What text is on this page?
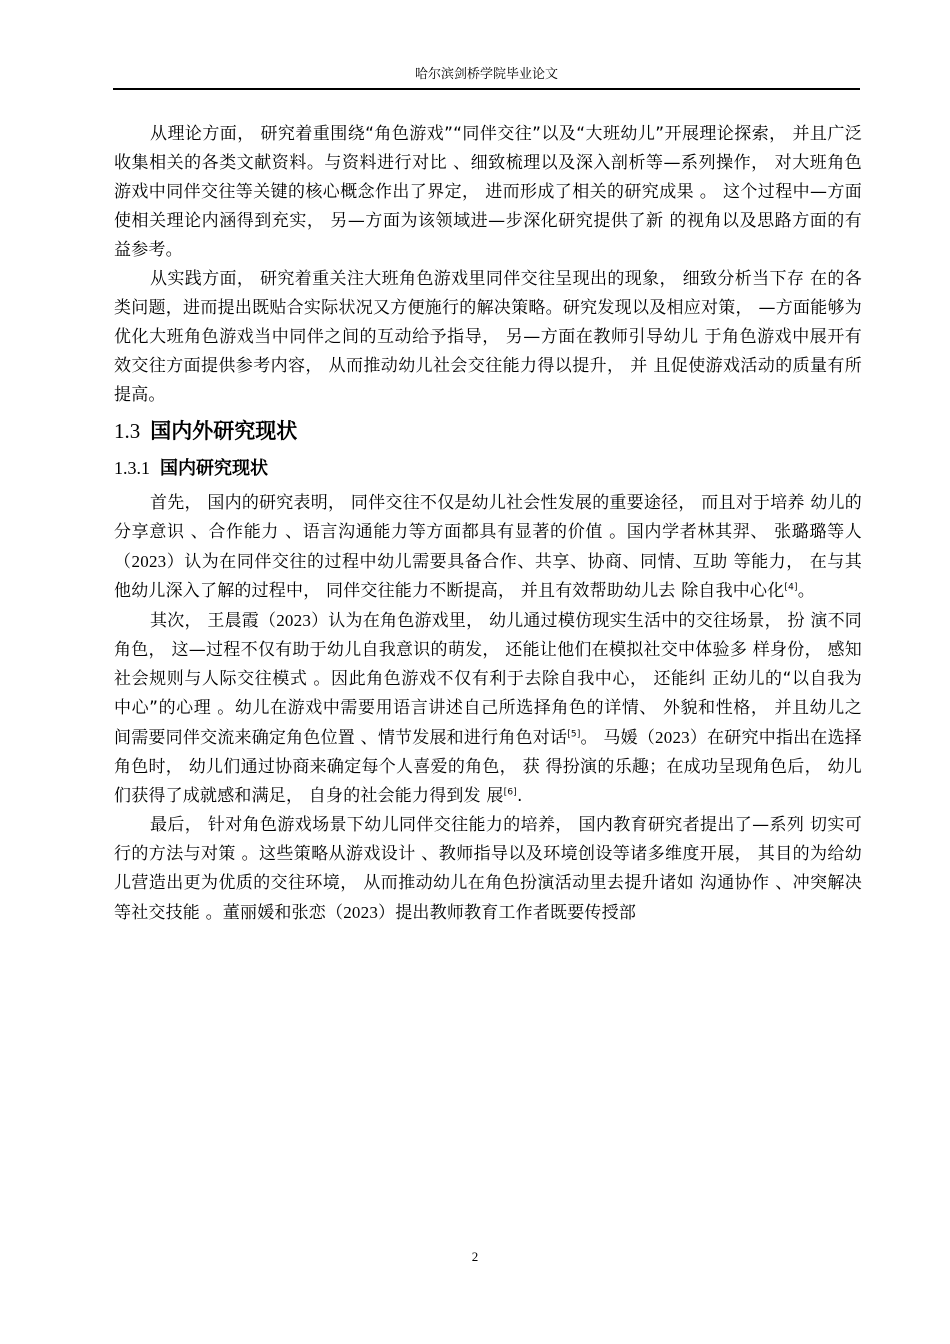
哈尔滨剑桥学院毕业论文

从理论方面， 研究着重围绕“角色游戏”“同伴交往”以及“大班幼儿”开展理论探索， 并且广泛收集相关的各类文献资料。与资料进行对比 、细致梳理以及深入剖析等—系列操作， 对大班角色游戏中同伴交往等关键的核心概念作出了界定， 进而形成了相关的研究成果 。 这个过程中—方面使相关理论内涵得到充实， 另—方面为该领域进—步深化研究提供了新 的视角以及思路方面的有益参考。

从实践方面， 研究着重关注大班角色游戏里同伴交往呈现出的现象， 细致分析当下存 在的各类问题，进而提出既贴合实际状况又方便施行的解决策略。研究发现以及相应对策， —方面能够为优化大班角色游戏当中同伴之间的互动给予指导， 另—方面在教师引导幼儿 于角色游戏中展开有效交往方面提供参考内容， 从而推动幼儿社会交往能力得以提升， 并 且促使游戏活动的质量有所提高。

1.3 国内外研究现状
1.3.1 国内研究现状

首先， 国内的研究表明， 同伴交往不仅是幼儿社会性发展的重要途径， 而且对于培养 幼儿的分享意识 、合作能力 、语言沟通能力等方面都具有显著的价值 。国内学者林其羿、 张璐璐等人（2023）认为在同伴交往的过程中幼儿需要具备合作、共享、协商、同情、互助 等能力， 在与其他幼儿深入了解的过程中， 同伴交往能力不断提高， 并且有效帮助幼儿去 除自我中心化[4]。

其次， 王晨霞（2023）认为在角色游戏里， 幼儿通过模仿现实生活中的交往场景， 扮 演不同角色， 这—过程不仅有助于幼儿自我意识的萌发， 还能让他们在模拟社交中体验多 样身份， 感知社会规则与人际交往模式 。因此角色游戏不仅有利于去除自我中心， 还能纠 正幼儿的“以自我为中心”的心理 。幼儿在游戏中需要用语言讲述自己所选择角色的详情、 外貌和性格， 并且幼儿之间需要同伴交流来确定角色位置 、情节发展和进行角色对话[5]。 马媛（2023）在研究中指出在选择角色时， 幼儿们通过协商来确定每个人喜爱的角色， 获 得扮演的乐趣；在成功呈现角色后， 幼儿们获得了成就感和满足， 自身的社会能力得到发 展[6].

最后， 针对角色游戏场景下幼儿同伴交往能力的培养， 国内教育研究者提出了—系列 切实可行的方法与对策 。这些策略从游戏设计 、教师指导以及环境创设等诸多维度开展， 其目的为给幼儿营造出更为优质的交往环境， 从而推动幼儿在角色扮演活动里去提升诸如 沟通协作 、冲突解决等社交技能 。董丽媛和张恋（2023）提出教师教育工作者既要传授部

2
